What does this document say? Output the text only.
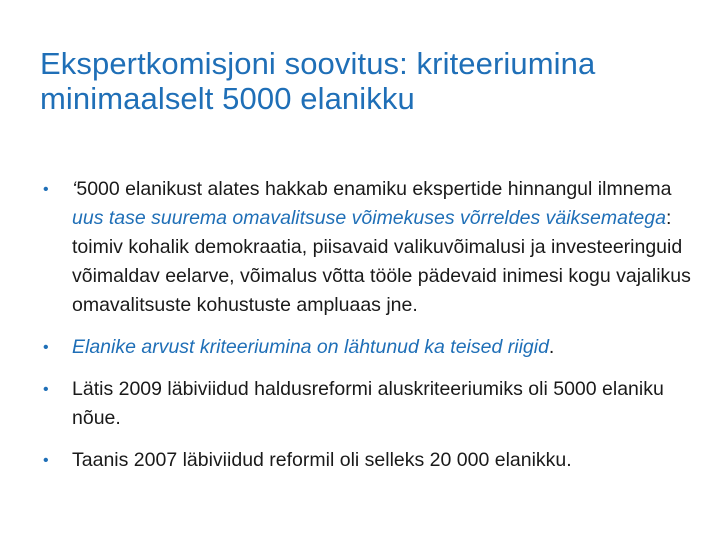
Ekspertkomisjoni soovitus: kriteeriumina minimaalselt 5000 elanikku
• ‘5000 elanikust alates hakkab enamiku ekspertide hinnangul ilmnema uus tase suurema omavalitsuse võimekuses võrreldes väiksematega: toimiv kohalik demokraatia, piisavaid valikuvõimalusi ja investeeringuid võimaldav eelarve, võimalus võtta tööle pädevaid inimesi kogu vajalikus omavalitsuste kohustuste ampluaas jne.
• Elanike arvust kriteeriumina on lähtunud ka teised riigid.
• Lätis 2009 läbiviidud haldusreformi aluskriteeriumiks oli 5000 elaniku nõue.
• Taanis 2007 läbiviidud reformil oli selleks 20 000 elanikku.
